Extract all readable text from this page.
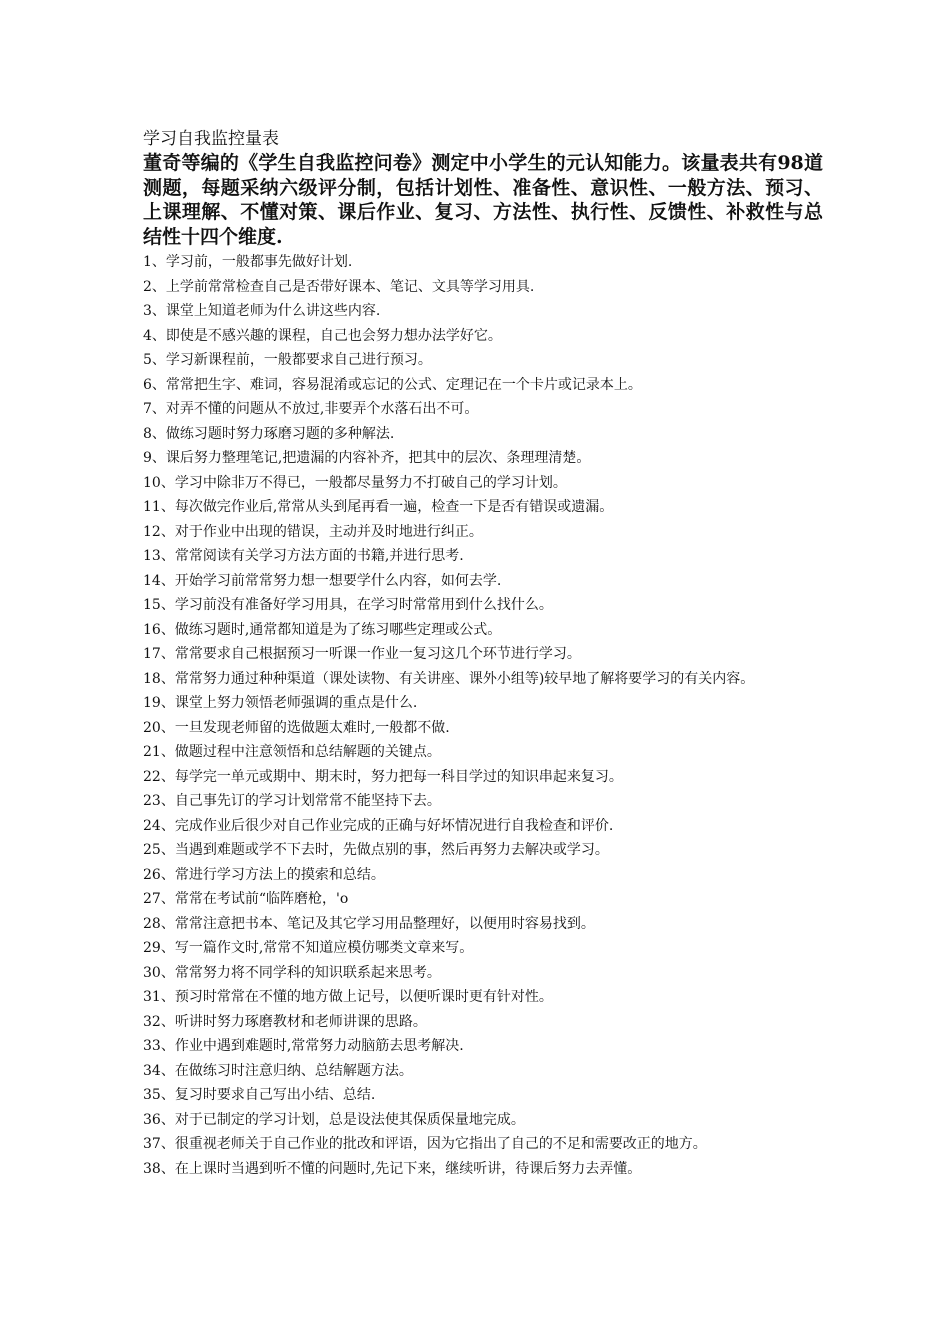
学习自我监控量表

董奇等编的《学生自我监控问卷》测定中小学生的元认知能力。该量表共有98道测题，每题采纳六级评分制，包括计划性、准备性、意识性、一般方法、预习、上课理解、不懂对策、课后作业、复习、方法性、执行性、反馈性、补救性与总结性十四个维度.

1、学习前，一般都事先做好计划.
2、上学前常常检查自己是否带好课本、笔记、文具等学习用具.
3、课堂上知道老师为什么讲这些内容.
4、即使是不感兴趣的课程，自己也会努力想办法学好它。
5、学习新课程前，一般都要求自己进行预习。
6、常常把生字、难词，容易混淆或忘记的公式、定理记在一个卡片或记录本上。
7、对弄不懂的问题从不放过,非要弄个水落石出不可。
8、做练习题时努力琢磨习题的多种解法.
9、课后努力整理笔记,把遗漏的内容补齐，把其中的层次、条理理清楚。
10、学习中除非万不得已，一般都尽量努力不打破自己的学习计划。
11、每次做完作业后,常常从头到尾再看一遍，检查一下是否有错误或遗漏。
12、对于作业中出现的错误，主动并及时地进行纠正。
13、常常阅读有关学习方法方面的书籍,并进行思考.
14、开始学习前常常努力想一想要学什么内容，如何去学.
15、学习前没有准备好学习用具，在学习时常常用到什么找什么。
16、做练习题时,通常都知道是为了练习哪些定理或公式。
17、常常要求自己根据预习一听课一作业一复习这几个环节进行学习。
18、常常努力通过种种渠道（课处读物、有关讲座、课外小组等)较早地了解将要学习的有关内容。
19、课堂上努力领悟老师强调的重点是什么.
20、一旦发现老师留的选做题太难时,一般都不做.
21、做题过程中注意领悟和总结解题的关键点。
22、每学完一单元或期中、期末时，努力把每一科目学过的知识串起来复习。
23、自己事先订的学习计划常常不能坚持下去。
24、完成作业后很少对自己作业完成的正确与好坏情况进行自我检查和评价.
25、当遇到难题或学不下去时，先做点别的事，然后再努力去解决或学习。
26、常进行学习方法上的摸索和总结。
27、常常在考试前“临阵磨枪，'o
28、常常注意把书本、笔记及其它学习用品整理好，以便用时容易找到。
29、写一篇作文时,常常不知道应模仿哪类文章来写。
30、常常努力将不同学科的知识联系起来思考。
31、预习时常常在不懂的地方做上记号，以便听课时更有针对性。
32、听讲时努力琢磨教材和老师讲课的思路。
33、作业中遇到难题时,常常努力动脑筋去思考解决.
34、在做练习时注意归纳、总结解题方法。
35、复习时要求自己写出小结、总结.
36、对于已制定的学习计划，总是设法使其保质保量地完成。
37、很重视老师关于自己作业的批改和评语，因为它指出了自己的不足和需要改正的地方。
38、在上课时当遇到听不懂的问题时,先记下来，继续听讲，待课后努力去弄懂。
